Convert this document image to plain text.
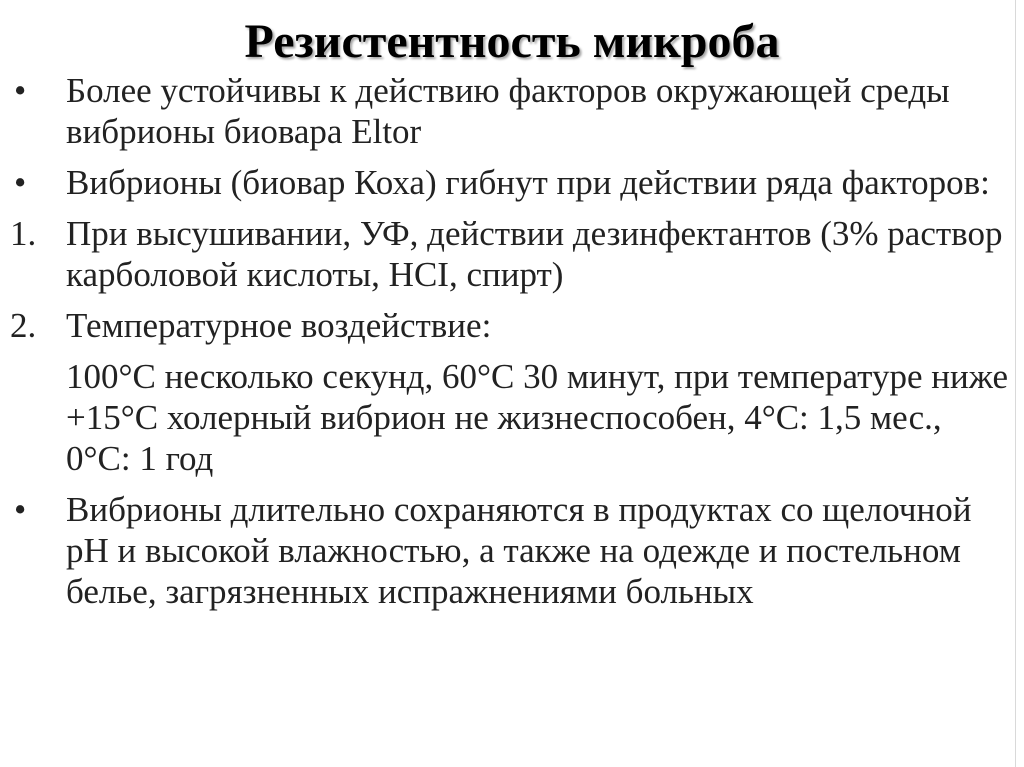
Резистентность микроба
•	Более устойчивы к действию факторов окружающей среды вибрионы биовара Eltor
•	Вибрионы (биовар Коха) гибнут при действии ряда факторов:
1. При высушивании, УФ, действии дезинфектантов (3% раствор карболовой кислоты, HCI, спирт)
2. Температурное воздействие:
100°С несколько секунд, 60°С 30 минут, при температуре ниже +15°С холерный вибрион не жизнеспособен, 4°С: 1,5 мес., 0°С: 1 год
•	Вибрионы длительно сохраняются в продуктах со щелочной рН и высокой влажностью, а также на одежде и постельном белье, загрязненных испражнениями больных
